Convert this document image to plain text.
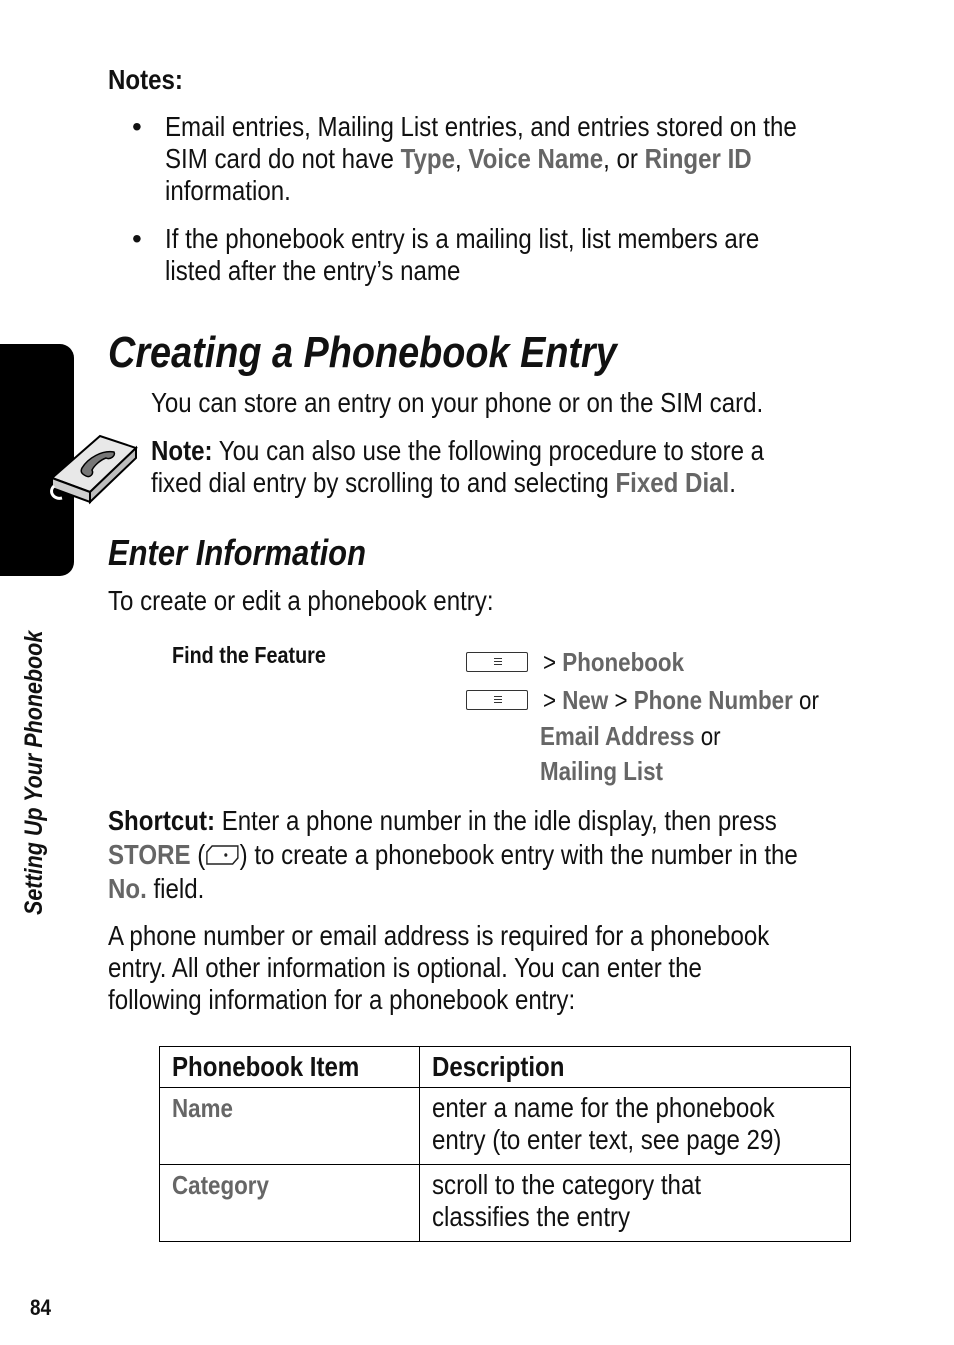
Notes:
• Email entries, Mailing List entries, and entries stored on the
SIM card do not have Type, Voice Name, or Ringer ID
information.
• If the phonebook entry is a mailing list, list members are
listed after the entry’s name
Creating a Phonebook Entry
You can store an entry on your phone or on the SIM card.
Note: You can also use the following procedure to store a
fixed dial entry by scrolling to and selecting Fixed Dial.
Enter Information
To create or edit a phonebook entry:
Find the Feature	> Phonebook
> New > Phone Number or
Email Address or
Mailing List
Shortcut: Enter a phone number in the idle display, then press
STORE ( ) to create a phonebook entry with the number in the
No. field.
A phone number or email address is required for a phonebook
entry. All other information is optional. You can enter the
following information for a phonebook entry:
Phonebook Item	Description
Name	enter a name for the phonebook
entry (to enter text, see page 29)
Category	scroll to the category that
classifies the entry
Setting Up Your Phonebook
84
